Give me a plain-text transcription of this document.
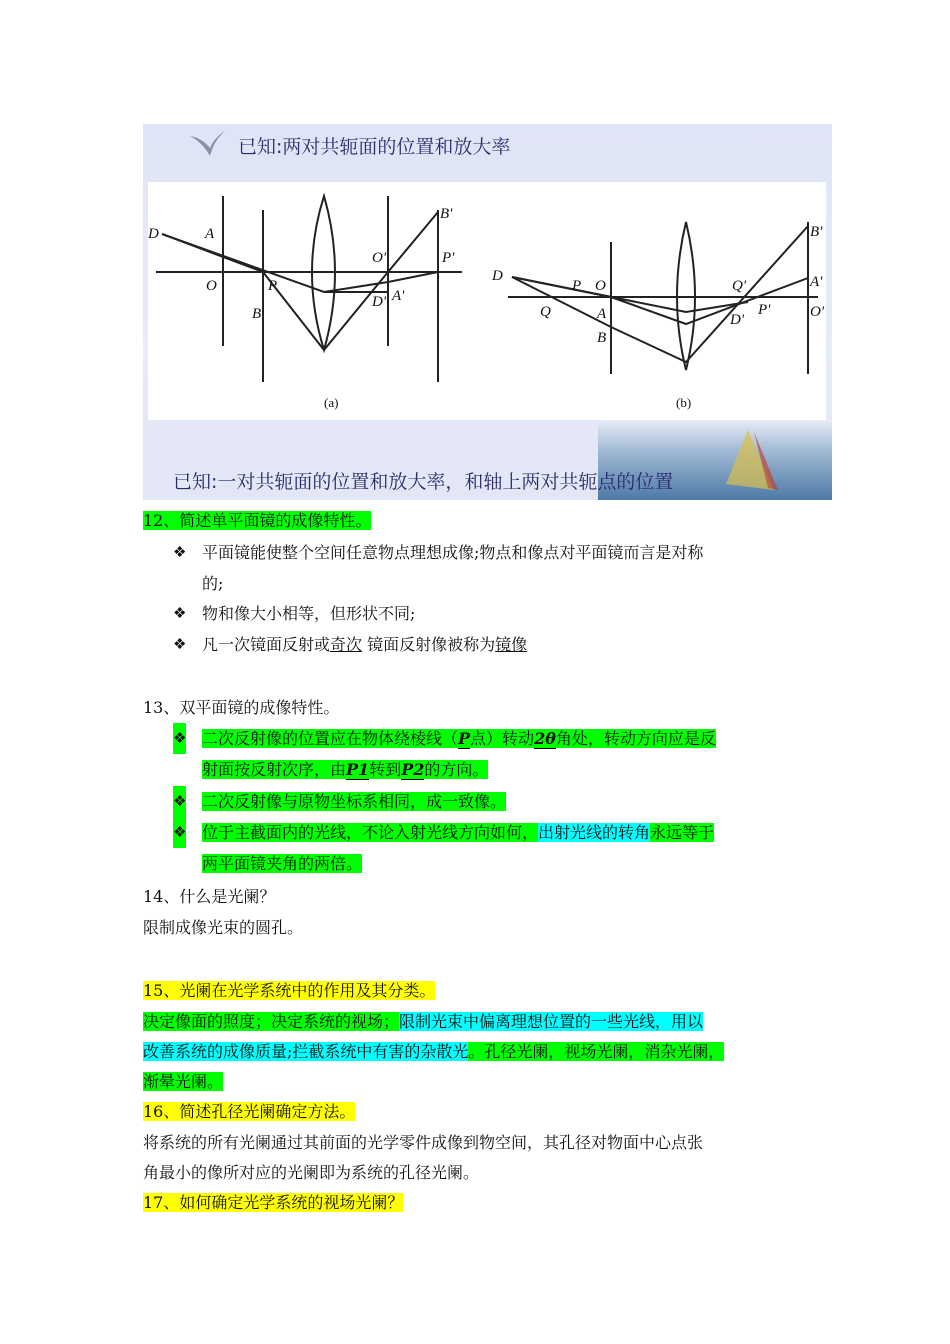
已知:两对共轭面的位置和放大率
D	A
O	P
B
O'
B'
P'
D' A'
D
P O
Q	A
B
Q'
B'
A'
D'
P'	O'
(a)	(b)
已知:一对共轭面的位置和放大率，和轴上两对共轭点的位置
12、简述单平面镜的成像特性。
❖ 平面镜能使整个空间任意物点理想成像;物点和像点对平面镜而言是对称
的;
❖ 物和像大小相等，但形状不同;
❖ 凡一次镜面反射或奇次 镜面反射像被称为镜像
13、双平面镜的成像特性。
❖ 二次反射像的位置应在物体绕棱线（P点）转动2θ角处，转动方向应是反
射面按反射次序，由P1转到P2的方向。
❖ 二次反射像与原物坐标系相同，成一致像。
❖ 位于主截面内的光线，不论入射光线方向如何，出射光线的转角永远等于
两平面镜夹角的两倍。
14、什么是光阑？
限制成像光束的圆孔。
15、光阑在光学系统中的作用及其分类。
决定像面的照度；决定系统的视场；限制光束中偏离理想位置的一些光线，用以
改善系统的成像质量;拦截系统中有害的杂散光。孔径光阑，视场光阑，消杂光阑，
渐晕光阑。
16、简述孔径光阑确定方法。
将系统的所有光阑通过其前面的光学零件成像到物空间，其孔径对物面中心点张
角最小的像所对应的光阑即为系统的孔径光阑。
17、如何确定光学系统的视场光阑？
